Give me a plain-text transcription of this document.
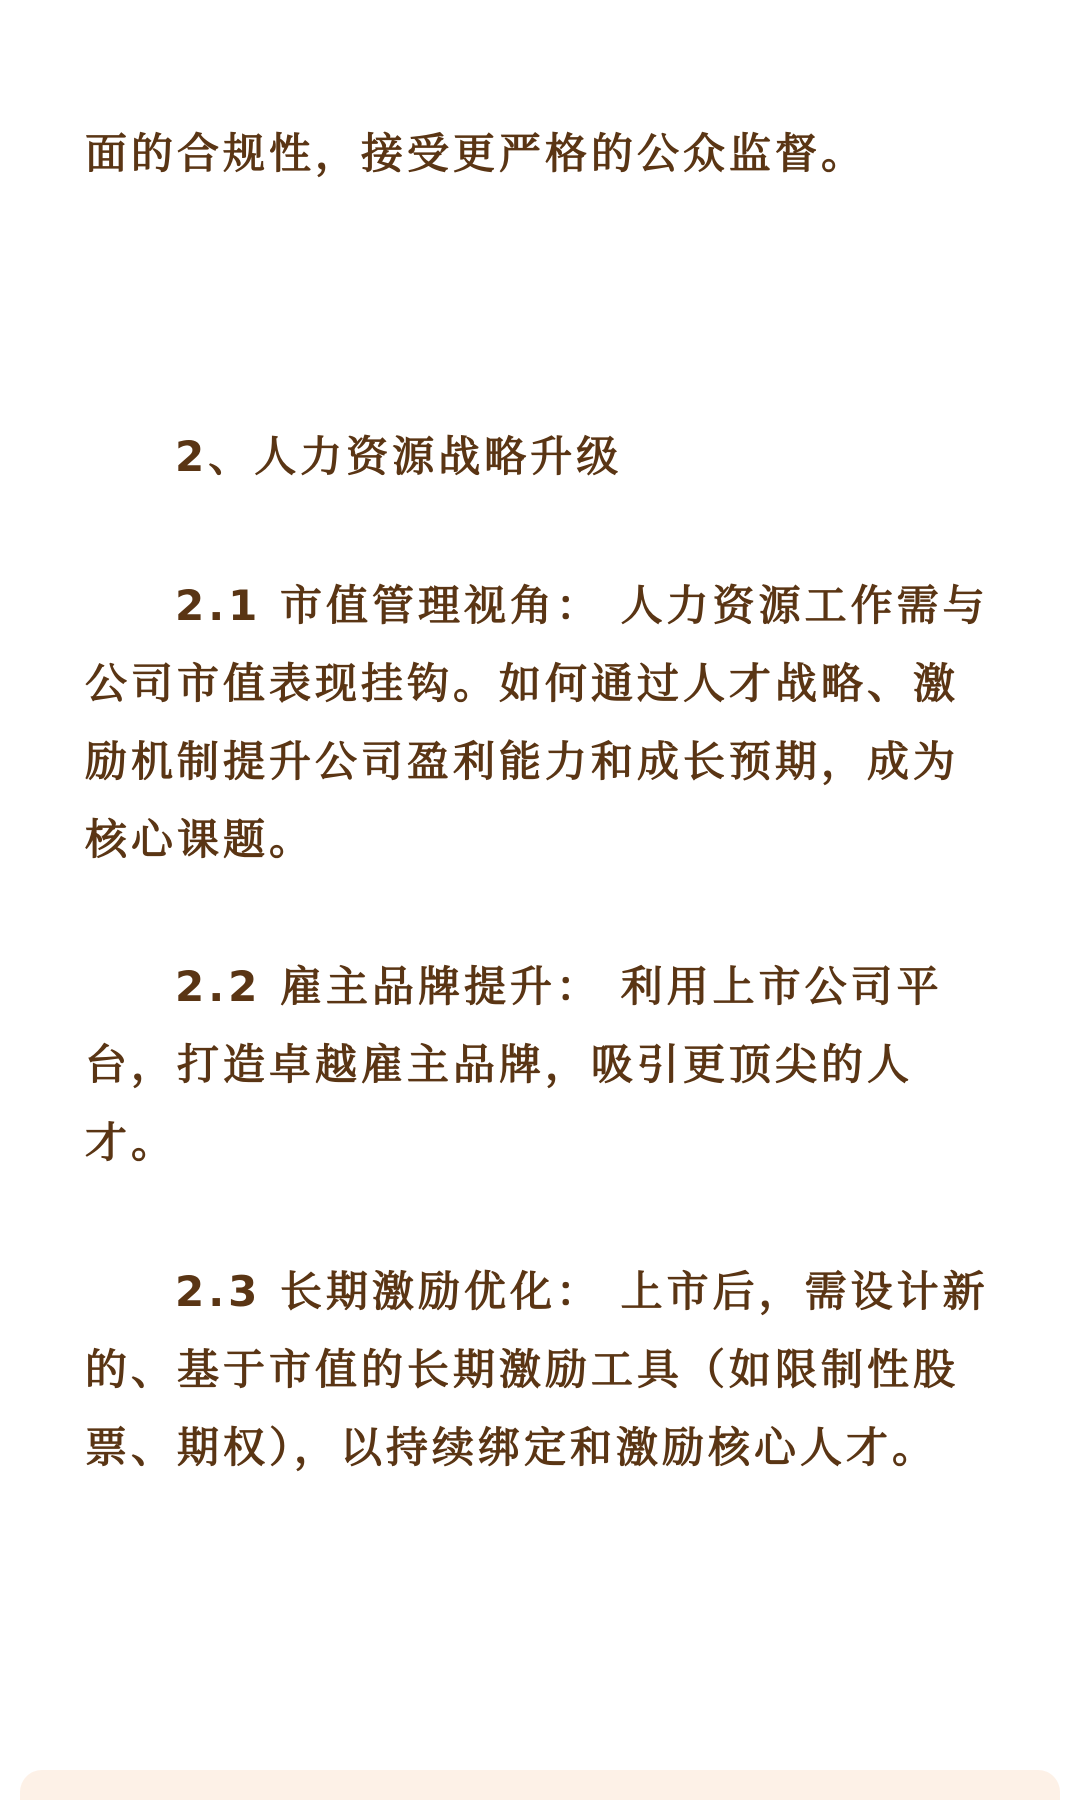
面的合规性，接受更严格的公众监督。

2、人力资源战略升级

2.1 市值管理视角： 人力资源工作需与

公司市值表现挂钩。如何通过人才战略、激

励机制提升公司盈利能力和成长预期，成为

核心课题。

2.2 雇主品牌提升： 利用上市公司平

台，打造卓越雇主品牌，吸引更顶尖的人

才。

2.3 长期激励优化： 上市后，需设计新

的、基于市值的长期激励工具（如限制性股

票、期权），以持续绑定和激励核心人才。
